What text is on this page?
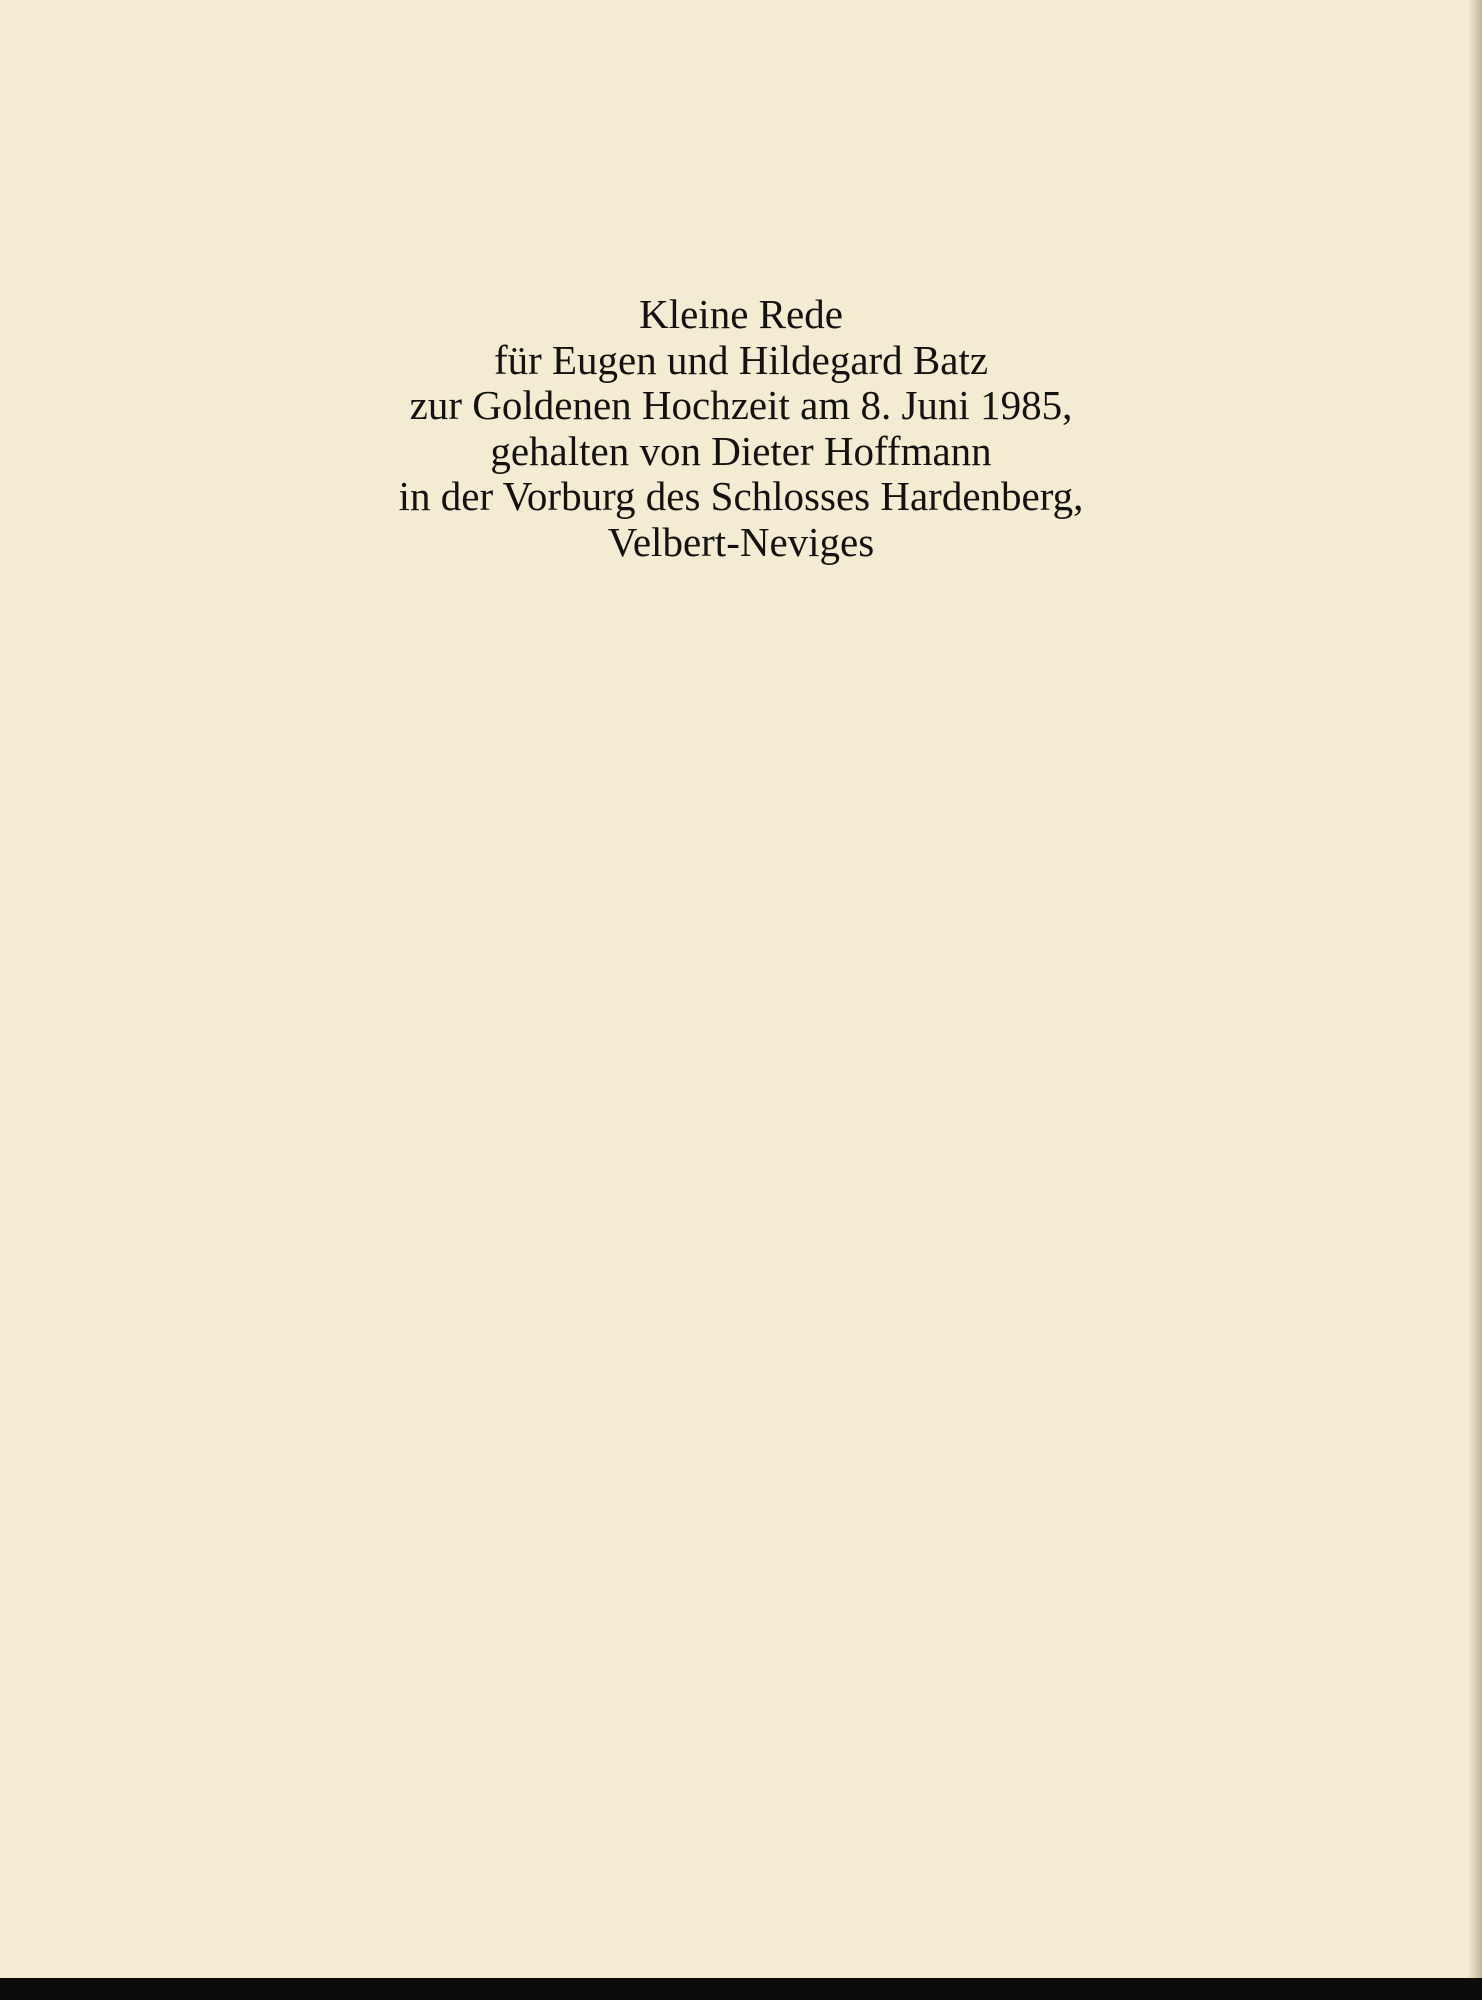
Kleine Rede
für Eugen und Hildegard Batz
zur Goldenen Hochzeit am 8. Juni 1985,
gehalten von Dieter Hoffmann
in der Vorburg des Schlosses Hardenberg,
Velbert-Neviges
